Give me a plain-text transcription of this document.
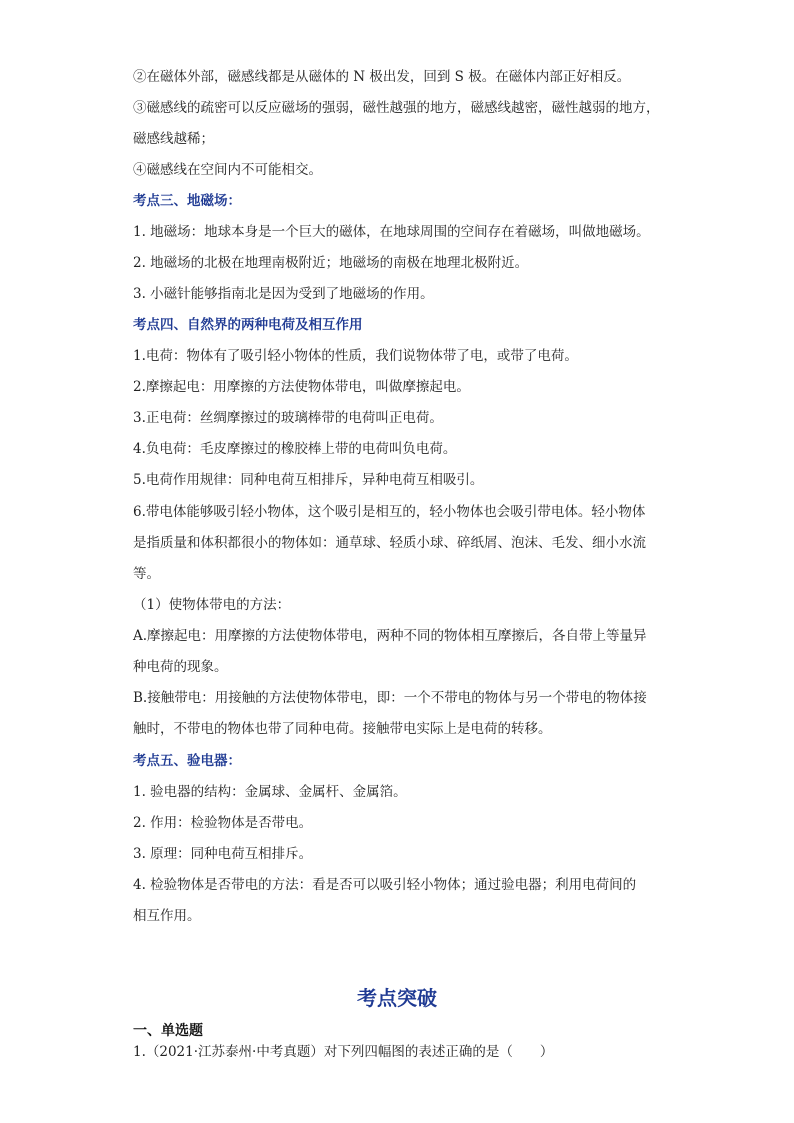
②在磁体外部，磁感线都是从磁体的 N 极出发，回到 S 极。在磁体内部正好相反。
③磁感线的疏密可以反应磁场的强弱，磁性越强的地方，磁感线越密，磁性越弱的地方，
磁感线越稀；
④磁感线在空间内不可能相交。
考点三、地磁场：
1. 地磁场：地球本身是一个巨大的磁体，在地球周围的空间存在着磁场，叫做地磁场。
2. 地磁场的北极在地理南极附近；地磁场的南极在地理北极附近。
3. 小磁针能够指南北是因为受到了地磁场的作用。
考点四、自然界的两种电荷及相互作用
1.电荷：物体有了吸引轻小物体的性质，我们说物体带了电，或带了电荷。
2.摩擦起电：用摩擦的方法使物体带电，叫做摩擦起电。
3.正电荷：丝绸摩擦过的玻璃棒带的电荷叫正电荷。
4.负电荷：毛皮摩擦过的橡胶棒上带的电荷叫负电荷。
5.电荷作用规律：同种电荷互相排斥，异种电荷互相吸引。
6.带电体能够吸引轻小物体，这个吸引是相互的，轻小物体也会吸引带电体。轻小物体
是指质量和体积都很小的物体如：通草球、轻质小球、碎纸屑、泡沫、毛发、细小水流
等。
（1）使物体带电的方法：
A.摩擦起电：用摩擦的方法使物体带电，两种不同的物体相互摩擦后，各自带上等量异
种电荷的现象。
B.接触带电：用接触的方法使物体带电，即：一个不带电的物体与另一个带电的物体接
触时，不带电的物体也带了同种电荷。接触带电实际上是电荷的转移。
考点五、验电器：
1. 验电器的结构：金属球、金属杆、金属箔。
2. 作用：检验物体是否带电。
3. 原理：同种电荷互相排斥。
4. 检验物体是否带电的方法：看是否可以吸引轻小物体；通过验电器；利用电荷间的
相互作用。
考点突破
一、单选题
1.（2021·江苏泰州·中考真题）对下列四幅图的表述正确的是（　　）
